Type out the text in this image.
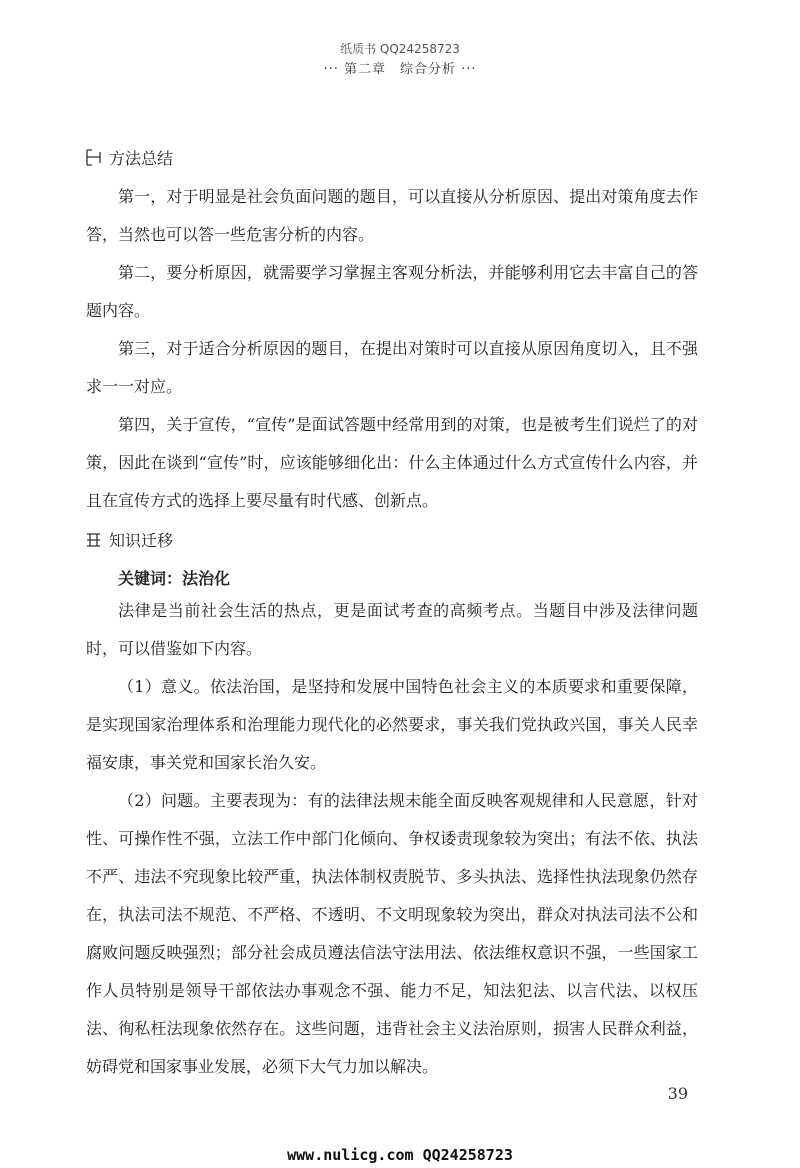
纸质书 QQ24258723
··· 第二章　综合分析 ···
方法总结

第一，对于明显是社会负面问题的题目，可以直接从分析原因、提出对策角度去作答，当然也可以答一些危害分析的内容。

第二，要分析原因，就需要学习掌握主客观分析法，并能够利用它去丰富自己的答题内容。

第三，对于适合分析原因的题目，在提出对策时可以直接从原因角度切入，且不强求一一对应。

第四，关于宣传，“宣传”是面试答题中经常用到的对策，也是被考生们说烂了的对策，因此在谈到“宣传”时，应该能够细化出：什么主体通过什么方式宣传什么内容，并且在宣传方式的选择上要尽量有时代感、创新点。

知识迁移
关键词：法治化

法律是当前社会生活的热点，更是面试考查的高频考点。当题目中涉及法律问题时，可以借鉴如下内容。

（1）意义。依法治国，是坚持和发展中国特色社会主义的本质要求和重要保障，是实现国家治理体系和治理能力现代化的必然要求，事关我们党执政兴国，事关人民幸福安康，事关党和国家长治久安。

（2）问题。主要表现为：有的法律法规未能全面反映客观规律和人民意愿，针对性、可操作性不强，立法工作中部门化倾向、争权诿责现象较为突出；有法不依、执法不严、违法不究现象比较严重，执法体制权责脱节、多头执法、选择性执法现象仍然存在，执法司法不规范、不严格、不透明、不文明现象较为突出，群众对执法司法不公和腐败问题反映强烈；部分社会成员遵法信法守法用法、依法维权意识不强，一些国家工作人员特别是领导干部依法办事观念不强、能力不足，知法犯法、以言代法、以权压法、徇私枉法现象依然存在。这些问题，违背社会主义法治原则，损害人民群众利益，妨碍党和国家事业发展，必须下大气力加以解决。

39
www.nulicg.com QQ24258723
